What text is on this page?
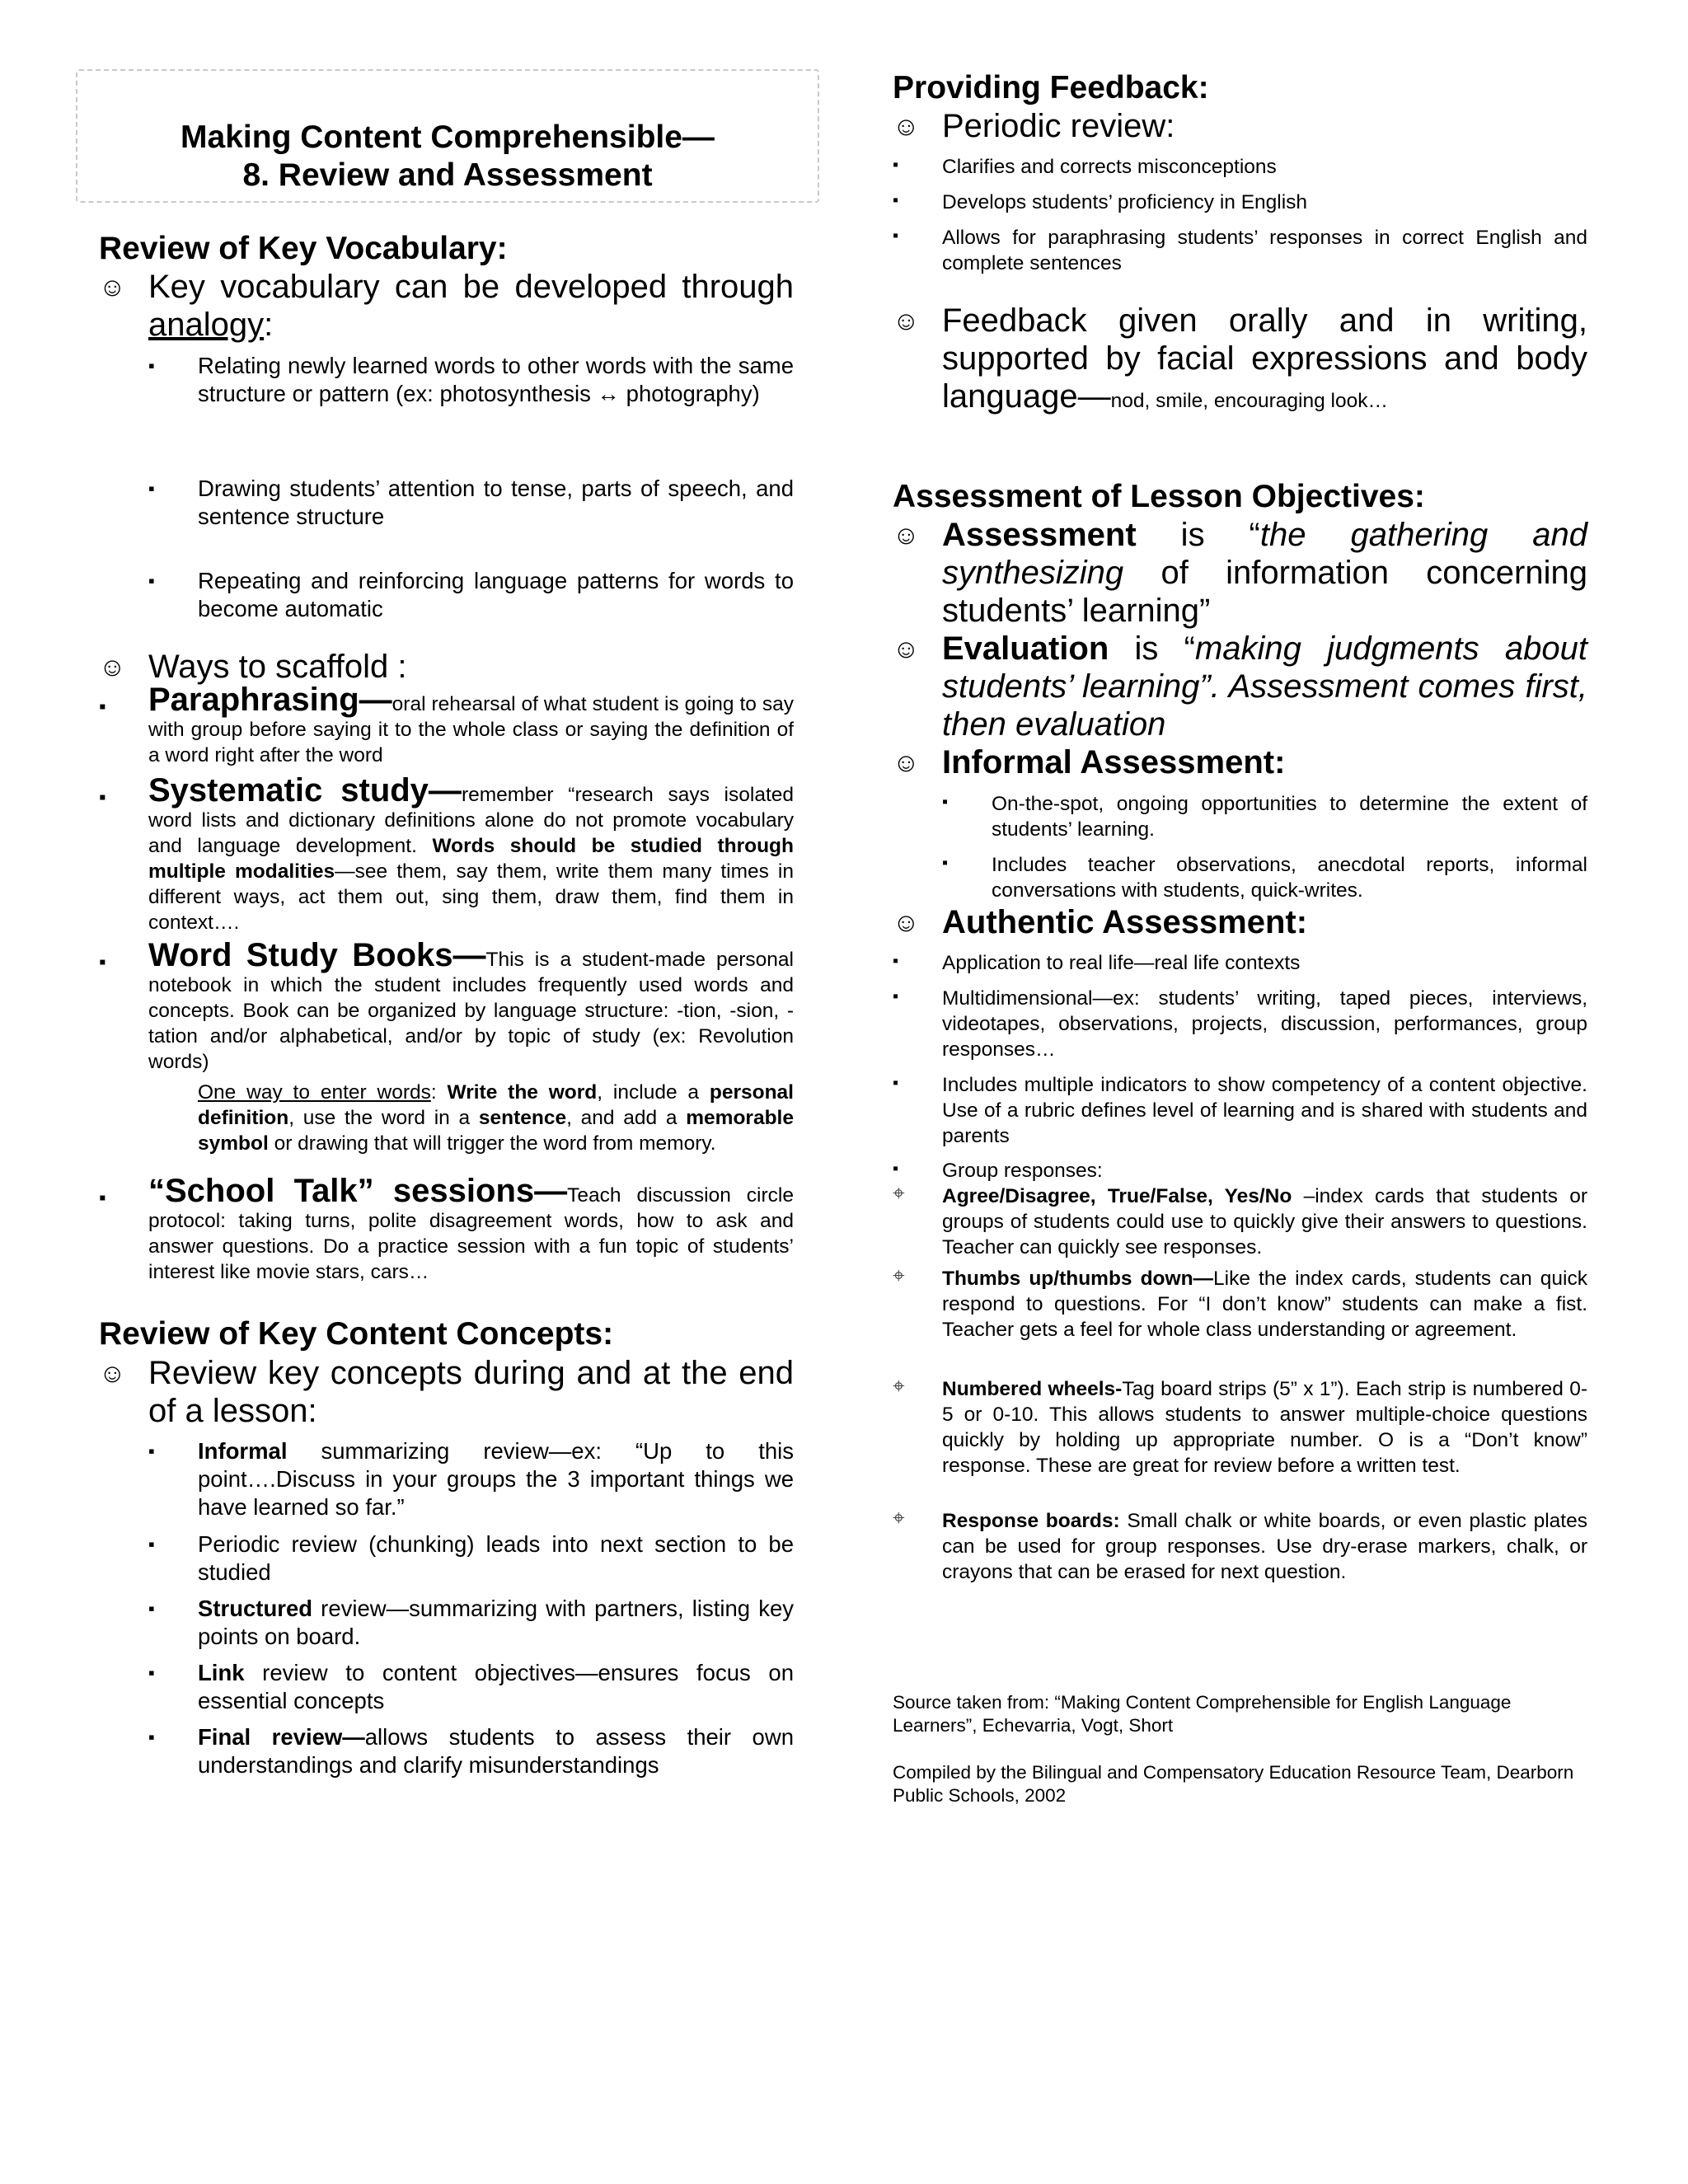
Making Content Comprehensible—
8. Review and Assessment
Review of Key Vocabulary:
☺ Key vocabulary can be developed through analogy:
▪ Relating newly learned words to other words with the same structure or pattern (ex: photosynthesis ↔ photography)
▪ Drawing students’ attention to tense, parts of speech, and sentence structure
▪ Repeating and reinforcing language patterns for words to become automatic
☺ Ways to scaffold :
▪ Paraphrasing—oral rehearsal of what student is going to say with group before saying it to the whole class or saying the definition of a word right after the word
▪ Systematic study—remember “research says isolated word lists and dictionary definitions alone do not promote vocabulary and language development. Words should be studied through multiple modalities—see them, say them, write them many times in different ways, act them out, sing them, draw them, find them in context….
▪ Word Study Books—This is a student-made personal notebook in which the student includes frequently used words and concepts. Book can be organized by language structure: -tion, -sion, -tation and/or alphabetical, and/or by topic of study (ex: Revolution words)
One way to enter words: Write the word, include a personal definition, use the word in a sentence, and add a memorable symbol or drawing that will trigger the word from memory.
▪ “School Talk” sessions—Teach discussion circle protocol: taking turns, polite disagreement words, how to ask and answer questions. Do a practice session with a fun topic of students’ interest like movie stars, cars…
Review of Key Content Concepts:
☺ Review key concepts during and at the end of a lesson:
▪ Informal summarizing review—ex: “Up to this point….Discuss in your groups the 3 important things we have learned so far.”
▪ Periodic review (chunking) leads into next section to be studied
▪ Structured review—summarizing with partners, listing key points on board.
▪ Link review to content objectives—ensures focus on essential concepts
▪ Final review—allows students to assess their own understandings and clarify misunderstandings
Providing Feedback:
☺ Periodic review:
▪ Clarifies and corrects misconceptions
▪ Develops students’ proficiency in English
▪ Allows for paraphrasing students’ responses in correct English and complete sentences
☺ Feedback given orally and in writing, supported by facial expressions and body language—nod, smile, encouraging look…
Assessment of Lesson Objectives:
☺ Assessment is “the gathering and synthesizing of information concerning students’ learning”
☺ Evaluation is “making judgments about students’ learning”. Assessment comes first, then evaluation
☺ Informal Assessment:
▪ On-the-spot, ongoing opportunities to determine the extent of students’ learning.
▪ Includes teacher observations, anecdotal reports, informal conversations with students, quick-writes.
☺ Authentic Assessment:
▪ Application to real life—real life contexts
▪ Multidimensional—ex: students’ writing, taped pieces, interviews, videotapes, observations, projects, discussion, performances, group responses…
▪ Includes multiple indicators to show competency of a content objective. Use of a rubric defines level of learning and is shared with students and parents
▪ Group responses:
⌖ Agree/Disagree, True/False, Yes/No –index cards that students or groups of students could use to quickly give their answers to questions. Teacher can quickly see responses.
⌖ Thumbs up/thumbs down—Like the index cards, students can quick respond to questions. For “I don’t know” students can make a fist. Teacher gets a feel for whole class understanding or agreement.
⌖ Numbered wheels-Tag board strips (5” x 1”). Each strip is numbered 0-5 or 0-10. This allows students to answer multiple-choice questions quickly by holding up appropriate number. O is a “Don’t know” response. These are great for review before a written test.
⌖ Response boards: Small chalk or white boards, or even plastic plates can be used for group responses. Use dry-erase markers, chalk, or crayons that can be erased for next question.
Source taken from: “Making Content Comprehensible for English Language Learners”, Echevarria, Vogt, Short
Compiled by the Bilingual and Compensatory Education Resource Team, Dearborn Public Schools, 2002
